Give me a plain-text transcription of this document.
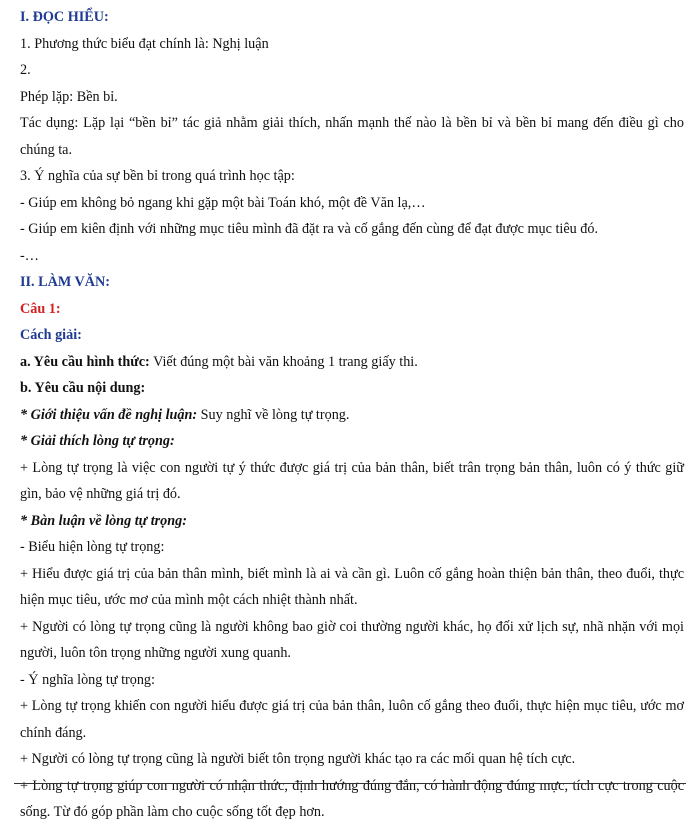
I. ĐỌC HIỂU:

1. Phương thức biểu đạt chính là: Nghị luận

2.

Phép lặp: Bền bỉ.

Tác dụng: Lặp lại “bền bỉ” tác giả nhằm giải thích, nhấn mạnh thế nào là bền bỉ và bền bỉ mang đến điều gì cho chúng ta.

3. Ý nghĩa của sự bền bỉ trong quá trình học tập:

- Giúp em không bỏ ngang khi gặp một bài Toán khó, một đề Văn lạ,…

- Giúp em kiên định với những mục tiêu mình đã đặt ra và cố gắng đến cùng để đạt được mục tiêu đó.

-…

II. LÀM VĂN:

Câu 1:

Cách giải:

a. Yêu cầu hình thức: Viết đúng một bài văn khoảng 1 trang giấy thi.

b. Yêu cầu nội dung:

* Giới thiệu vấn đề nghị luận: Suy nghĩ về lòng tự trọng.

* Giải thích lòng tự trọng:

+ Lòng tự trọng là việc con người tự ý thức được giá trị của bản thân, biết trân trọng bản thân, luôn có ý thức giữ gìn, bảo vệ những giá trị đó.

* Bàn luận về lòng tự trọng:

- Biểu hiện lòng tự trọng:

+ Hiểu được giá trị của bản thân mình, biết mình là ai và cần gì. Luôn cố gắng hoàn thiện bản thân, theo đuổi, thực hiện mục tiêu, ước mơ của mình một cách nhiệt thành nhất.

+ Người có lòng tự trọng cũng là người không bao giờ coi thường người khác, họ đối xử lịch sự, nhã nhặn với mọi người, luôn tôn trọng những người xung quanh.

- Ý nghĩa lòng tự trọng:

+ Lòng tự trọng khiến con người hiểu được giá trị của bản thân, luôn cố gắng theo đuổi, thực hiện mục tiêu, ước mơ chính đáng.

+ Người có lòng tự trọng cũng là người biết tôn trọng người khác tạo ra các mối quan hệ tích cực.

+ Lòng tự trọng giúp con người có nhận thức, định hướng đúng đắn, có hành động đúng mực, tích cực trong cuộc sống. Từ đó góp phần làm cho cuộc sống tốt đẹp hơn.
